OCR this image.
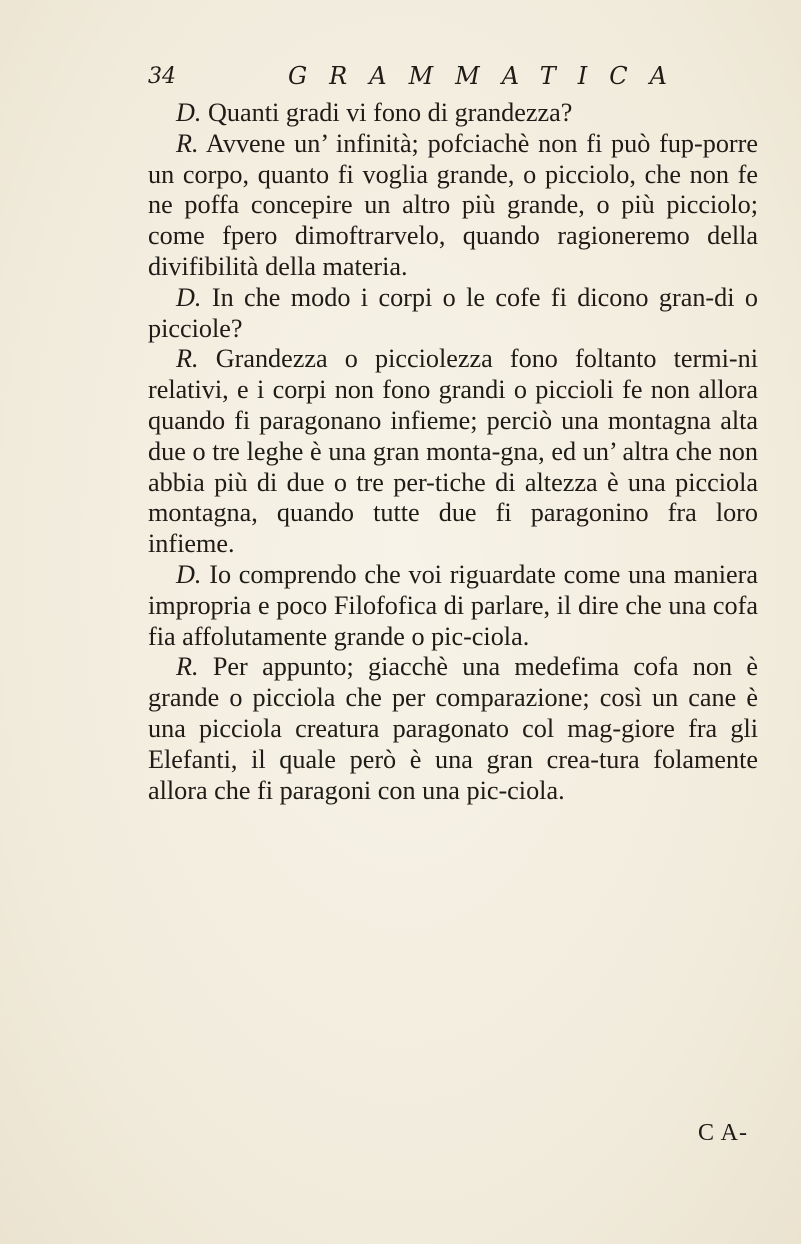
34	GRAMMATICA

D. Quanti gradi vi fono di grandezza?

R. Avvene un’ infinità; pofciachè non fi può fup-porre un corpo, quanto fi voglia grande, o picciolo, che non fe ne poffa concepire un altro più grande, o più picciolo; come fpero dimoftrarvelo, quando ragioneremo della divifibilità della materia.

D. In che modo i corpi o le cofe fi dicono gran-di o picciole?

R. Grandezza o picciolezza fono foltanto termi-ni relativi, e i corpi non fono grandi o piccioli fe non allora quando fi paragonano infieme; perciò una montagna alta due o tre leghe è una gran monta-gna, ed un’ altra che non abbia più di due o tre per-tiche di altezza è una picciola montagna, quando tutte due fi paragonino fra loro infieme.

D. Io comprendo che voi riguardate come una maniera impropria e poco Filofofica di parlare, il dire che una cofa fia affolutamente grande o pic-ciola.

R. Per appunto; giacchè una medefima cofa non è grande o picciola che per comparazione; così un cane è una picciola creatura paragonato col mag-giore fra gli Elefanti, il quale però è una gran crea-tura folamente allora che fi paragoni con una pic-ciola.

C A-
